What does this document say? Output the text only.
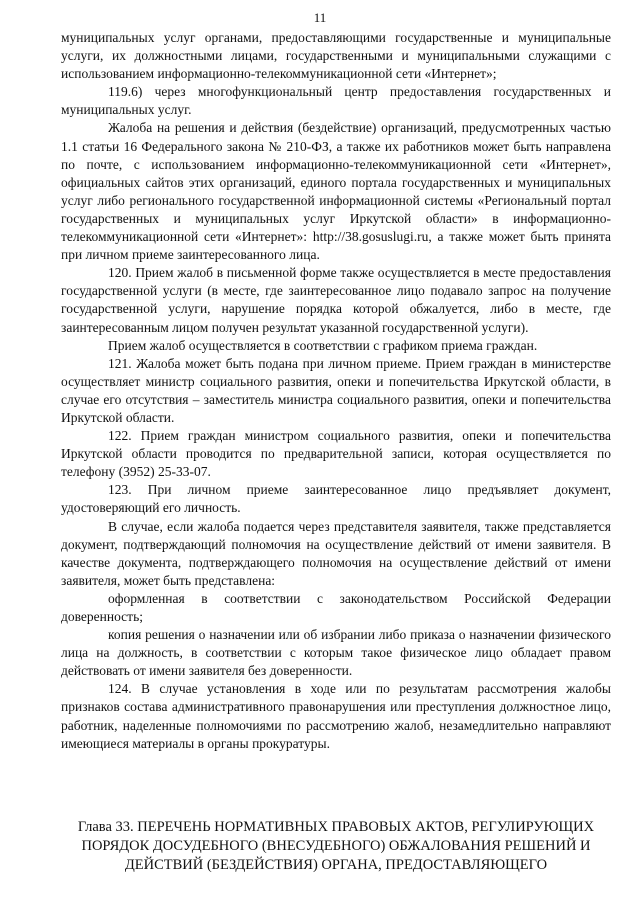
11

муниципальных услуг органами, предоставляющими государственные и муниципальные услуги, их должностными лицами, государственными и муниципальными служащими с использованием информационно-телекоммуникационной сети «Интернет»;

119.6) через многофункциональный центр предоставления государственных и муниципальных услуг.

Жалоба на решения и действия (бездействие) организаций, предусмотренных частью 1.1 статьи 16 Федерального закона № 210-ФЗ, а также их работников может быть направлена по почте, с использованием информационно-телекоммуникационной сети «Интернет», официальных сайтов этих организаций, единого портала государственных и муниципальных услуг либо регионального государственной информационной системы «Региональный портал государственных и муниципальных услуг Иркутской области» в информационно-телекоммуникационной сети «Интернет»: http://38.gosuslugi.ru, а также может быть принята при личном приеме заинтересованного лица.

120. Прием жалоб в письменной форме также осуществляется в месте предоставления государственной услуги (в месте, где заинтересованное лицо подавало запрос на получение государственной услуги, нарушение порядка которой обжалуется, либо в месте, где заинтересованным лицом получен результат указанной государственной услуги).

Прием жалоб осуществляется в соответствии с графиком приема граждан.

121. Жалоба может быть подана при личном приеме. Прием граждан в министерстве осуществляет министр социального развития, опеки и попечительства Иркутской области, в случае его отсутствия – заместитель министра социального развития, опеки и попечительства Иркутской области.

122. Прием граждан министром социального развития, опеки и попечительства Иркутской области проводится по предварительной записи, которая осуществляется по телефону (3952) 25-33-07.

123. При личном приеме заинтересованное лицо предъявляет документ, удостоверяющий его личность.

В случае, если жалоба подается через представителя заявителя, также представляется документ, подтверждающий полномочия на осуществление действий от имени заявителя. В качестве документа, подтверждающего полномочия на осуществление действий от имени заявителя, может быть представлена:

оформленная в соответствии с законодательством Российской Федерации доверенность;

копия решения о назначении или об избрании либо приказа о назначении физического лица на должность, в соответствии с которым такое физическое лицо обладает правом действовать от имени заявителя без доверенности.

124. В случае установления в ходе или по результатам рассмотрения жалобы признаков состава административного правонарушения или преступления должностное лицо, работник, наделенные полномочиями по рассмотрению жалоб, незамедлительно направляют имеющиеся материалы в органы прокуратуры.

Глава 33. ПЕРЕЧЕНЬ НОРМАТИВНЫХ ПРАВОВЫХ АКТОВ, РЕГУЛИРУЮЩИХ ПОРЯДОК ДОСУДЕБНОГО (ВНЕСУДЕБНОГО) ОБЖАЛОВАНИЯ РЕШЕНИЙ И ДЕЙСТВИЙ (БЕЗДЕЙСТВИЯ) ОРГАНА, ПРЕДОСТАВЛЯЮЩЕГО
